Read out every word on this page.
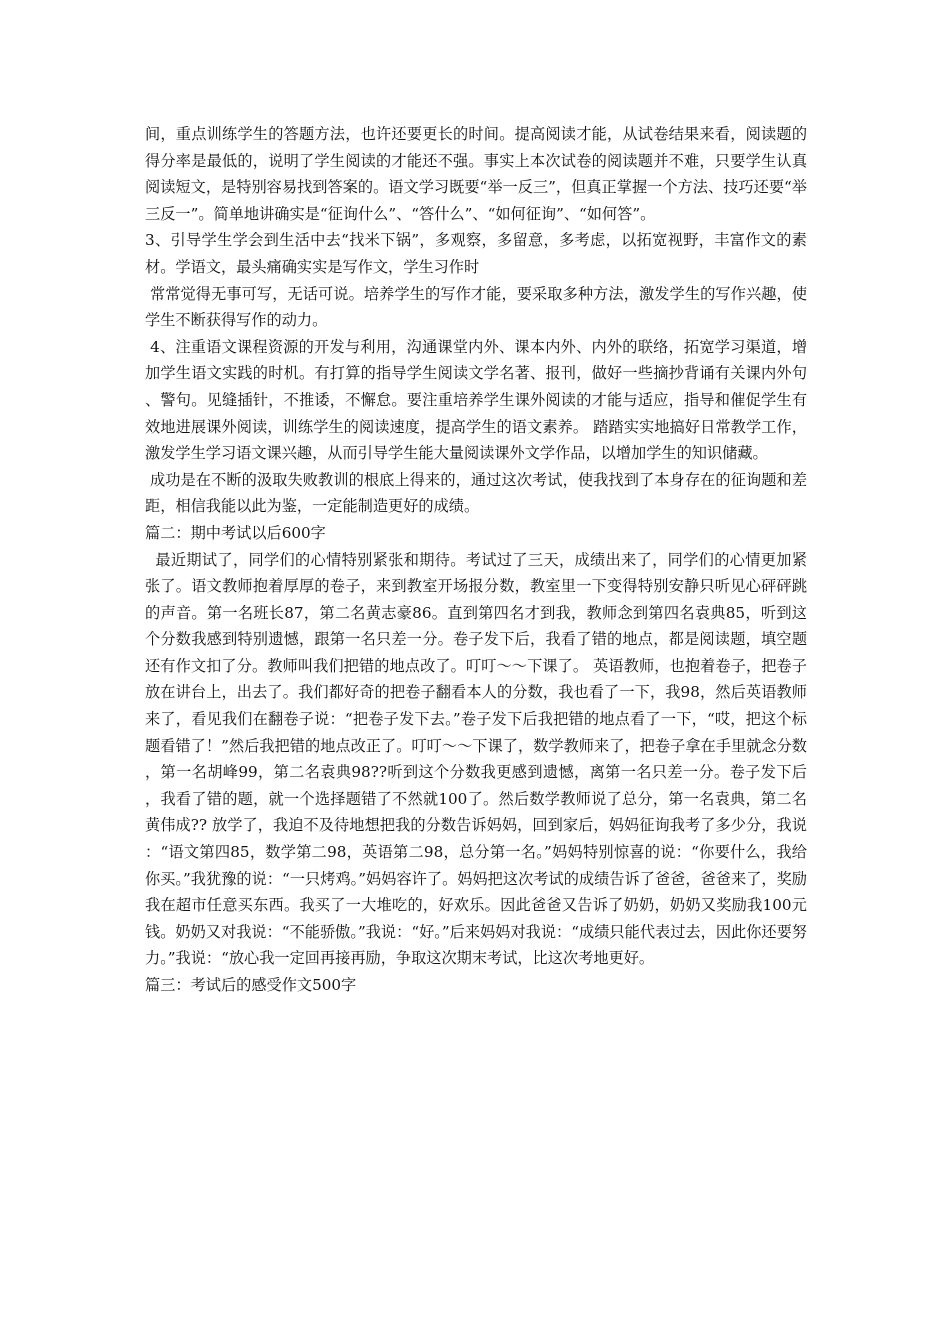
间，重点训练学生的答题方法，也许还要更长的时间。提高阅读才能，从试卷结果来看，阅读题的得分率是最低的，说明了学生阅读的才能还不强。事实上本次试卷的阅读题并不难，只要学生认真阅读短文，是特别容易找到答案的。语文学习既要“举一反三”，但真正掌握一个方法、技巧还要“举三反一”。简单地讲确实是“征询什么”、“答什么”、“如何征询”、“如何答”。

3、引导学生学会到生活中去“找米下锅”，多观察，多留意，多考虑，以拓宽视野，丰富作文的素材。学语文，最头痛确实实是写作文，学生习作时

常常觉得无事可写，无话可说。培养学生的写作才能，要采取多种方法，激发学生的写作兴趣，使学生不断获得写作的动力。

4、注重语文课程资源的开发与利用，沟通课堂内外、课本内外、内外的联络，拓宽学习渠道，增加学生语文实践的时机。有打算的指导学生阅读文学名著、报刊，做好一些摘抄背诵有关课内外句、警句。见缝插针，不推诿，不懈怠。要注重培养学生课外阅读的才能与适应，指导和催促学生有效地进展课外阅读，训练学生的阅读速度，提高学生的语文素养。 踏踏实实地搞好日常教学工作，激发学生学习语文课兴趣，从而引导学生能大量阅读课外文学作品，以增加学生的知识储藏。

成功是在不断的汲取失败教训的根底上得来的，通过这次考试，使我找到了本身存在的征询题和差距，相信我能以此为鉴，一定能制造更好的成绩。

篇二：期中考试以后600字

最近期试了，同学们的心情特别紧张和期待。考试过了三天，成绩出来了，同学们的心情更加紧张了。语文教师抱着厚厚的卷子，来到教室开场报分数，教室里一下变得特别安静只听见心砰砰跳的声音。第一名班长87，第二名黄志豪86。直到第四名才到我，教师念到第四名袁典85，听到这个分数我感到特别遗憾，跟第一名只差一分。卷子发下后，我看了错的地点，都是阅读题，填空题还有作文扣了分。教师叫我们把错的地点改了。叮叮～～下课了。 英语教师，也抱着卷子，把卷子放在讲台上，出去了。我们都好奇的把卷子翻看本人的分数，我也看了一下，我98，然后英语教师来了，看见我们在翻卷子说：“把卷子发下去。”卷子发下后我把错的地点看了一下，“哎，把这个标题看错了！”然后我把错的地点改正了。叮叮～～下课了，数学教师来了，把卷子拿在手里就念分数，第一名胡峰99，第二名袁典98??听到这个分数我更感到遗憾，离第一名只差一分。卷子发下后，我看了错的题，就一个选择题错了不然就100了。然后数学教师说了总分，第一名袁典，第二名黄伟成?? 放学了，我迫不及待地想把我的分数告诉妈妈，回到家后，妈妈征询我考了多少分，我说：“语文第四85，数学第二98，英语第二98，总分第一名。”妈妈特别惊喜的说：“你要什么，我给你买。”我犹豫的说：“一只烤鸡。”妈妈容许了。妈妈把这次考试的成绩告诉了爸爸，爸爸来了，奖励我在超市任意买东西。我买了一大堆吃的，好欢乐。因此爸爸又告诉了奶奶，奶奶又奖励我100元钱。奶奶又对我说：“不能骄傲。”我说：“好。”后来妈妈对我说：“成绩只能代表过去，因此你还要努力。”我说：“放心我一定回再接再励，争取这次期末考试，比这次考地更好。

篇三：考试后的感受作文500字
